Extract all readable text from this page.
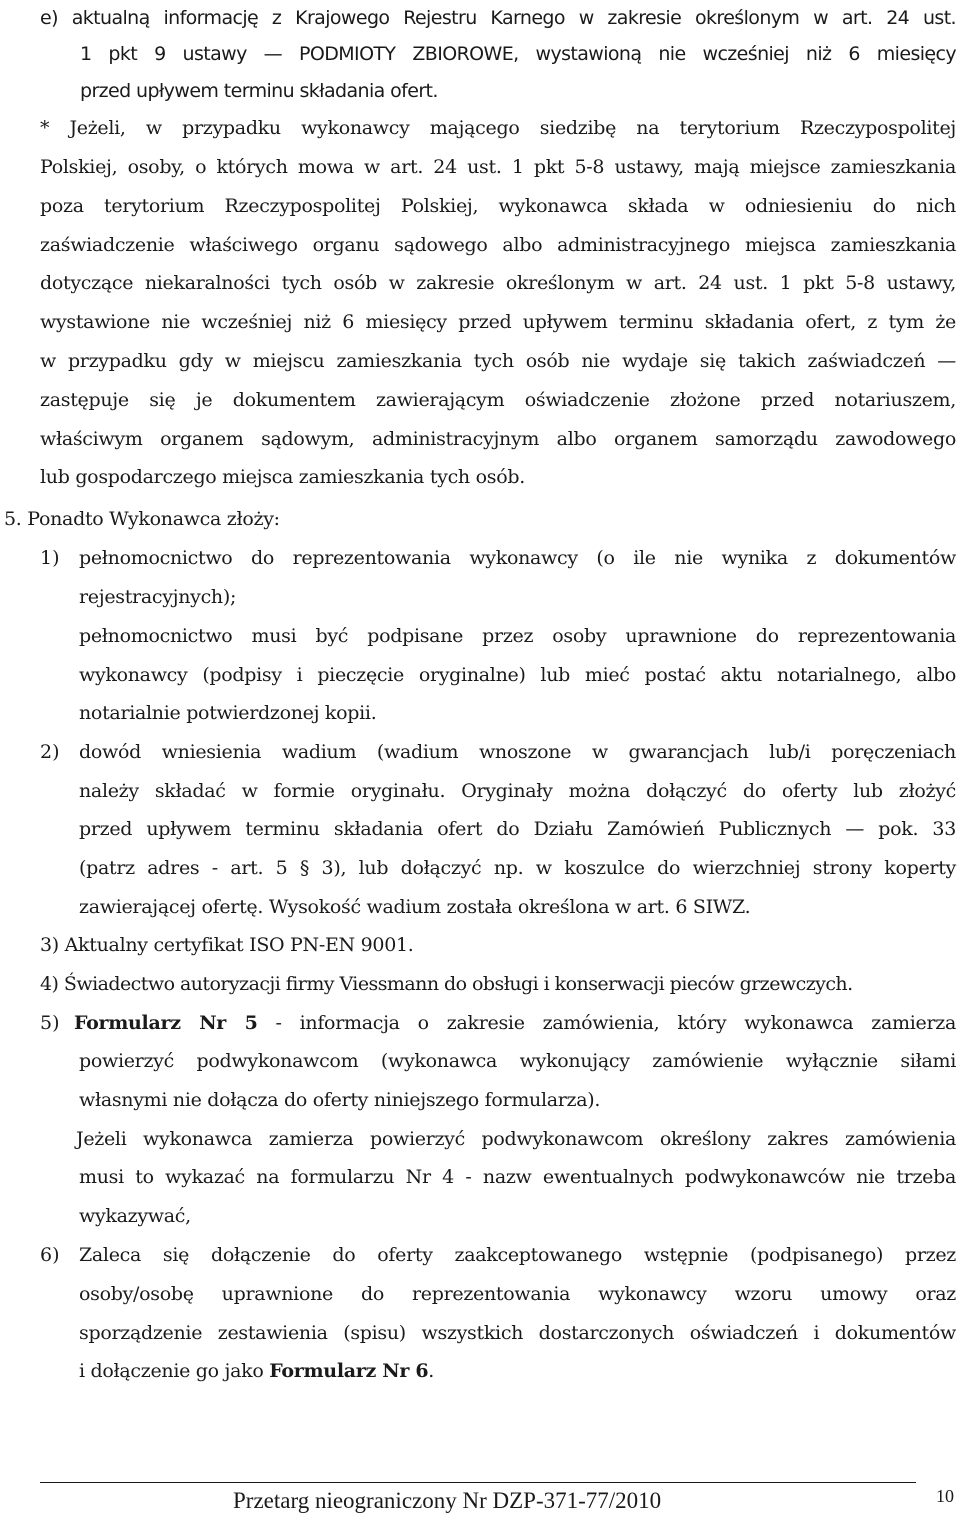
e) aktualną informację z Krajowego Rejestru Karnego w zakresie określonym w art. 24 ust.
1 pkt 9 ustawy — PODMIOTY ZBIOROWE, wystawioną nie wcześniej niż 6 miesięcy
przed upływem terminu składania ofert.
* Jeżeli, w przypadku wykonawcy mającego siedzibę na terytorium Rzeczypospolitej
Polskiej, osoby, o których mowa w art. 24 ust. 1 pkt 5-8 ustawy, mają miejsce zamieszkania
poza terytorium Rzeczypospolitej Polskiej, wykonawca składa w odniesieniu do nich
zaświadczenie właściwego organu sądowego albo administracyjnego miejsca zamieszkania
dotyczące niekaralności tych osób w zakresie określonym w art. 24 ust. 1 pkt 5-8 ustawy,
wystawione nie wcześniej niż 6 miesięcy przed upływem terminu składania ofert, z tym że
w przypadku gdy w miejscu zamieszkania tych osób nie wydaje się takich zaświadczeń —
zastępuje się je dokumentem zawierającym oświadczenie złożone przed notariuszem,
właściwym organem sądowym, administracyjnym albo organem samorządu zawodowego
lub gospodarczego miejsca zamieszkania tych osób.
5. Ponadto Wykonawca złoży:
1) pełnomocnictwo do reprezentowania wykonawcy (o ile nie wynika z dokumentów
rejestracyjnych);
pełnomocnictwo musi być podpisane przez osoby uprawnione do reprezentowania
wykonawcy (podpisy i pieczęcie oryginalne) lub mieć postać aktu notarialnego, albo
notarialnie potwierdzonej kopii.
2) dowód wniesienia wadium (wadium wnoszone w gwarancjach lub/i poręczeniach
należy składać w formie oryginału. Oryginały można dołączyć do oferty lub złożyć
przed upływem terminu składania ofert do Działu Zamówień Publicznych — pok. 33
(patrz adres - art. 5 § 3), lub dołączyć np. w koszulce do wierzchniej strony koperty
zawierającej ofertę. Wysokość wadium została określona w art. 6 SIWZ.
3) Aktualny certyfikat ISO PN-EN 9001.
4) Świadectwo autoryzacji firmy Viessmann do obsługi i konserwacji pieców grzewczych.
5) Formularz Nr 5 - informacja o zakresie zamówienia, który wykonawca zamierza
powierzyć podwykonawcom (wykonawca wykonujący zamówienie wyłącznie siłami
własnymi nie dołącza do oferty niniejszego formularza).
Jeżeli wykonawca zamierza powierzyć podwykonawcom określony zakres zamówienia
musi to wykazać na formularzu Nr 4 - nazw ewentualnych podwykonawców nie trzeba
wykazywać,
6) Zaleca się dołączenie do oferty zaakceptowanego wstępnie (podpisanego) przez
osoby/osobę uprawnione do reprezentowania wykonawcy wzoru umowy oraz
sporządzenie zestawienia (spisu) wszystkich dostarczonych oświadczeń i dokumentów
i dołączenie go jako Formularz Nr 6.
Przetarg nieograniczony Nr DZP-371-77/2010	10
